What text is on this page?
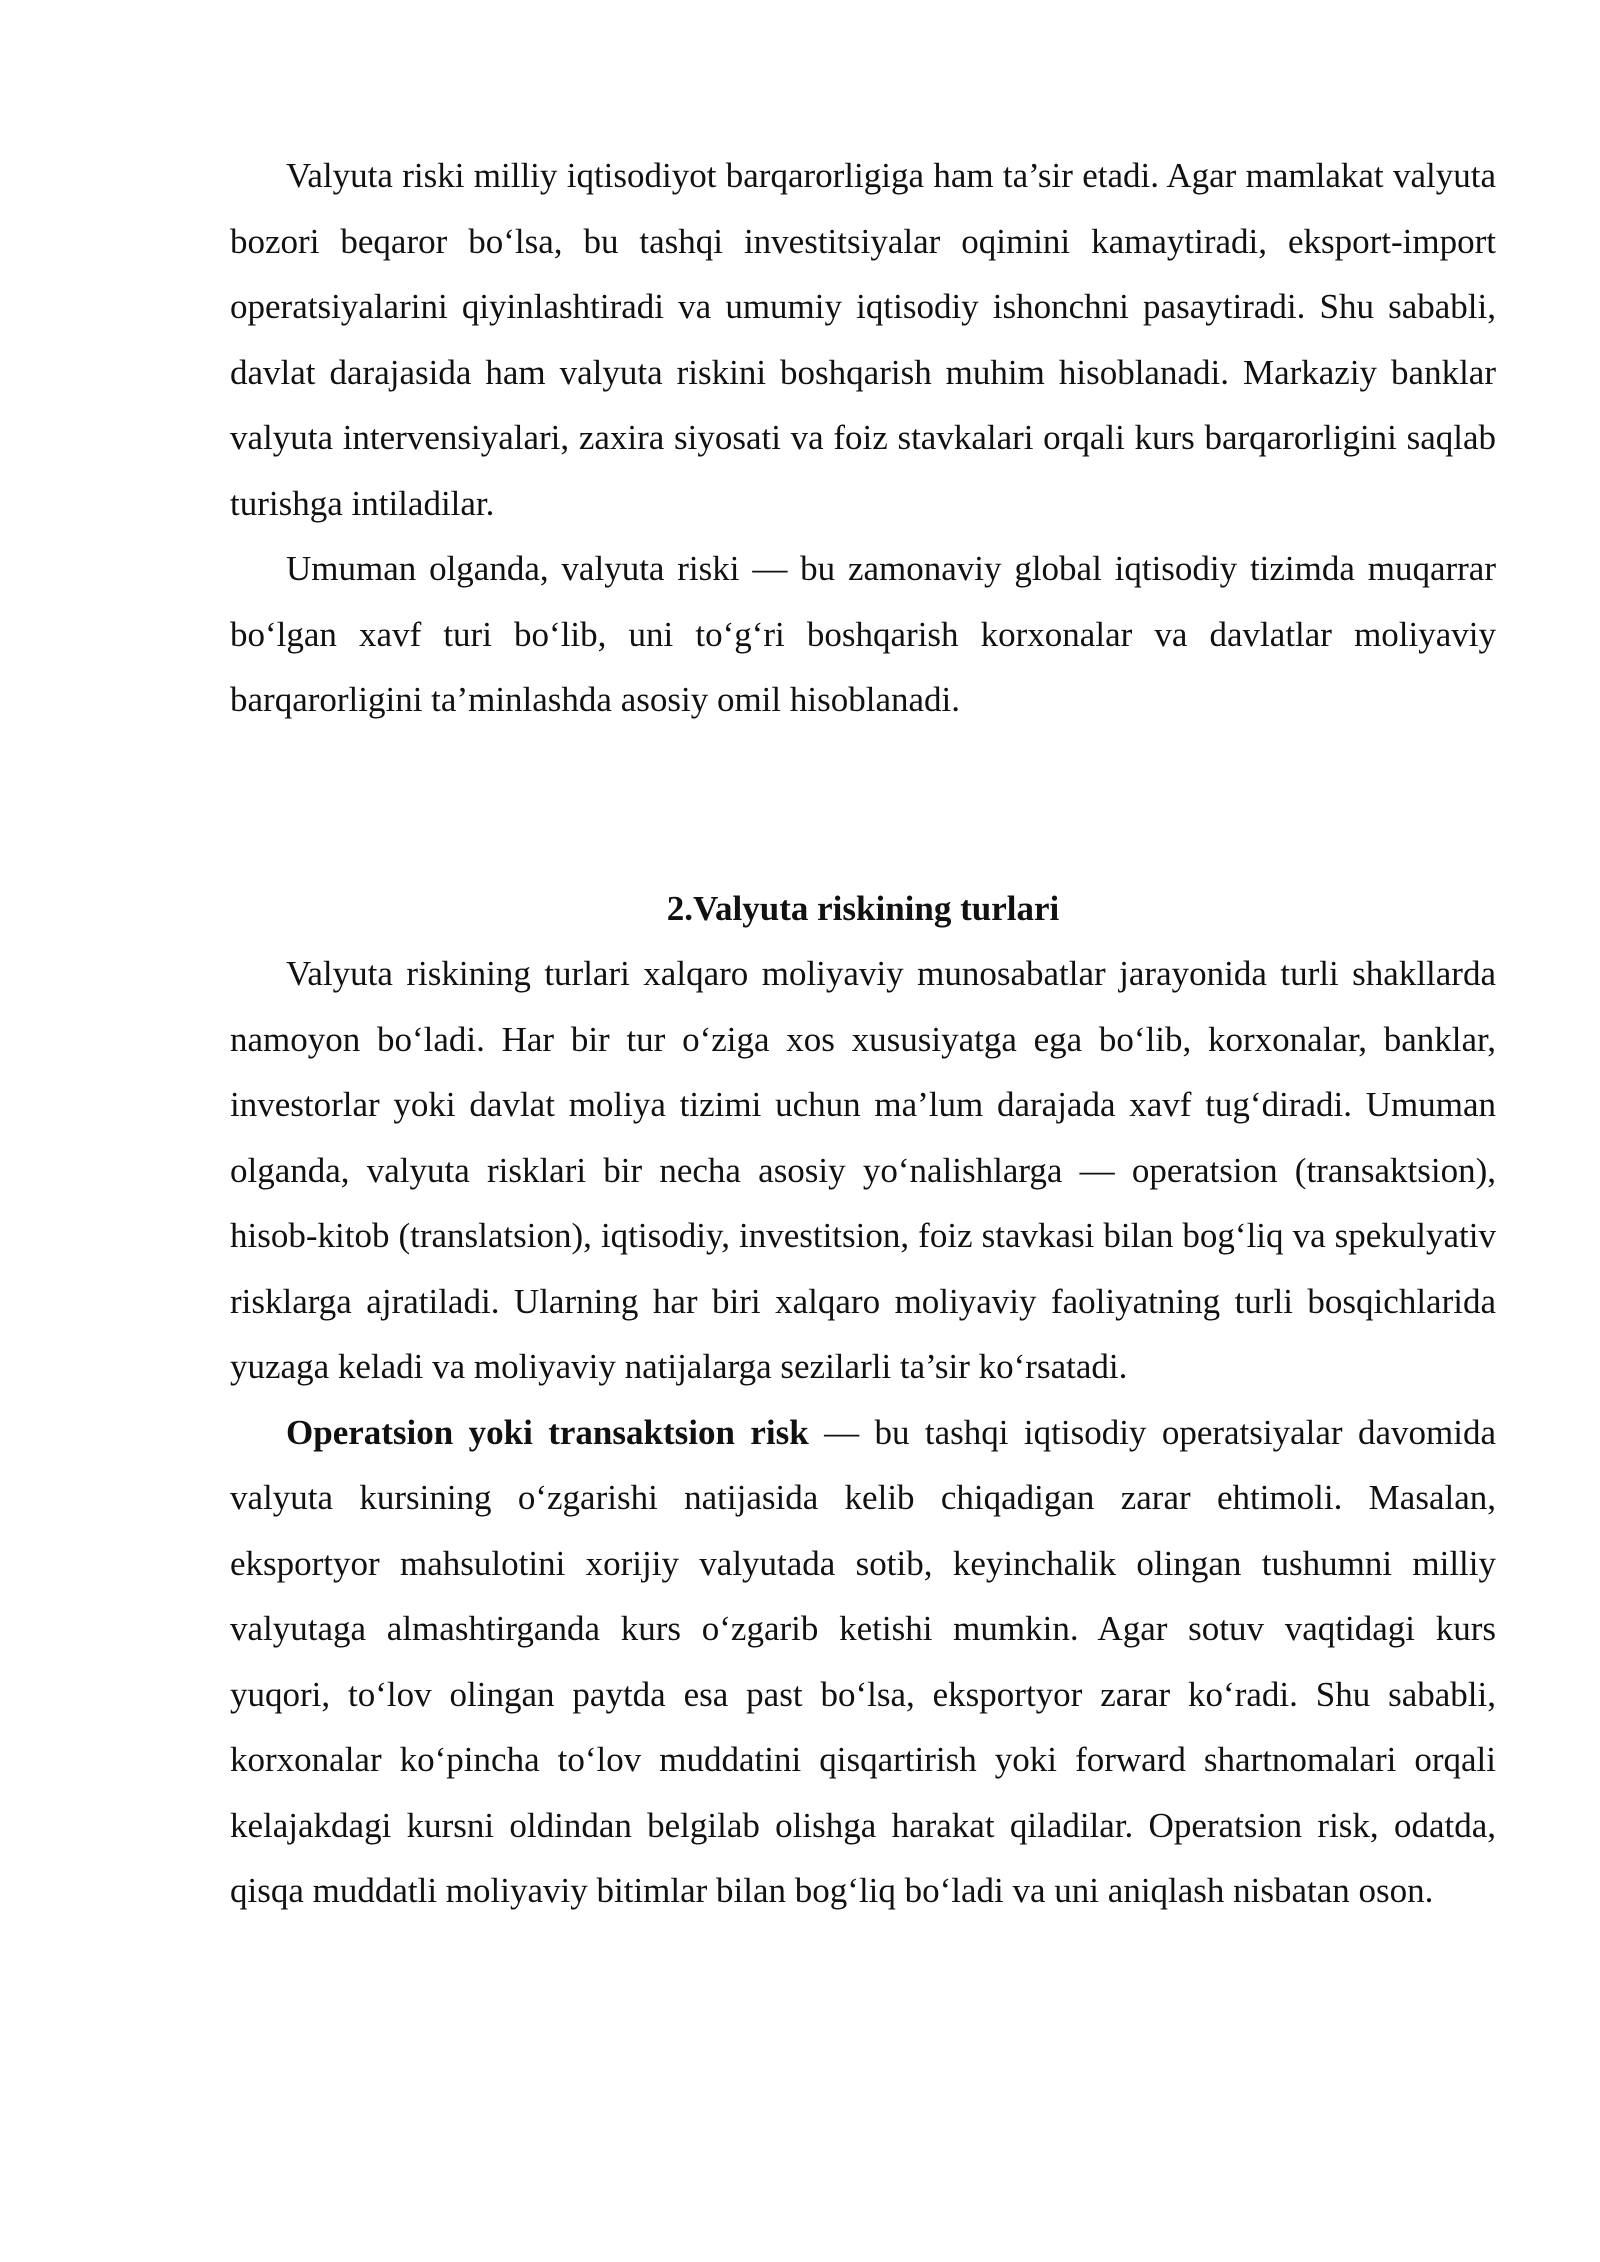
Valyuta riski milliy iqtisodiyot barqarorligiga ham ta’sir etadi. Agar mamlakat valyuta bozori beqaror bo‘lsa, bu tashqi investitsiyalar oqimini kamaytiradi, eksport-import operatsiyalarini qiyinlashtiradi va umumiy iqtisodiy ishonchni pasaytiradi. Shu sababli, davlat darajasida ham valyuta riskini boshqarish muhim hisoblanadi. Markaziy banklar valyuta intervensiyalari, zaxira siyosati va foiz stavkalari orqali kurs barqarorligini saqlab turishga intiladilar.

Umuman olganda, valyuta riski — bu zamonaviy global iqtisodiy tizimda muqarrar bo‘lgan xavf turi bo‘lib, uni to‘g‘ri boshqarish korxonalar va davlatlar moliyaviy barqarorligini ta’minlashda asosiy omil hisoblanadi.

2.Valyuta riskining turlari

Valyuta riskining turlari xalqaro moliyaviy munosabatlar jarayonida turli shakllarda namoyon bo‘ladi. Har bir tur o‘ziga xos xususiyatga ega bo‘lib, korxonalar, banklar, investorlar yoki davlat moliya tizimi uchun ma’lum darajada xavf tug‘diradi. Umuman olganda, valyuta risklari bir necha asosiy yo‘nalishlarga — operatsion (transaktsion), hisob-kitob (translatsion), iqtisodiy, investitsion, foiz stavkasi bilan bog‘liq va spekulyativ risklarga ajratiladi. Ularning har biri xalqaro moliyaviy faoliyatning turli bosqichlarida yuzaga keladi va moliyaviy natijalarga sezilarli ta’sir ko‘rsatadi.

Operatsion yoki transaktsion risk — bu tashqi iqtisodiy operatsiyalar davomida valyuta kursining o‘zgarishi natijasida kelib chiqadigan zarar ehtimoli. Masalan, eksportyor mahsulotini xorijiy valyutada sotib, keyinchalik olingan tushumni milliy valyutaga almashtirganda kurs o‘zgarib ketishi mumkin. Agar sotuv vaqtidagi kurs yuqori, to‘lov olingan paytda esa past bo‘lsa, eksportyor zarar ko‘radi. Shu sababli, korxonalar ko‘pincha to‘lov muddatini qisqartirish yoki forward shartnomalari orqali kelajakdagi kursni oldindan belgilab olishga harakat qiladilar. Operatsion risk, odatda, qisqa muddatli moliyaviy bitimlar bilan bog‘liq bo‘ladi va uni aniqlash nisbatan oson.
